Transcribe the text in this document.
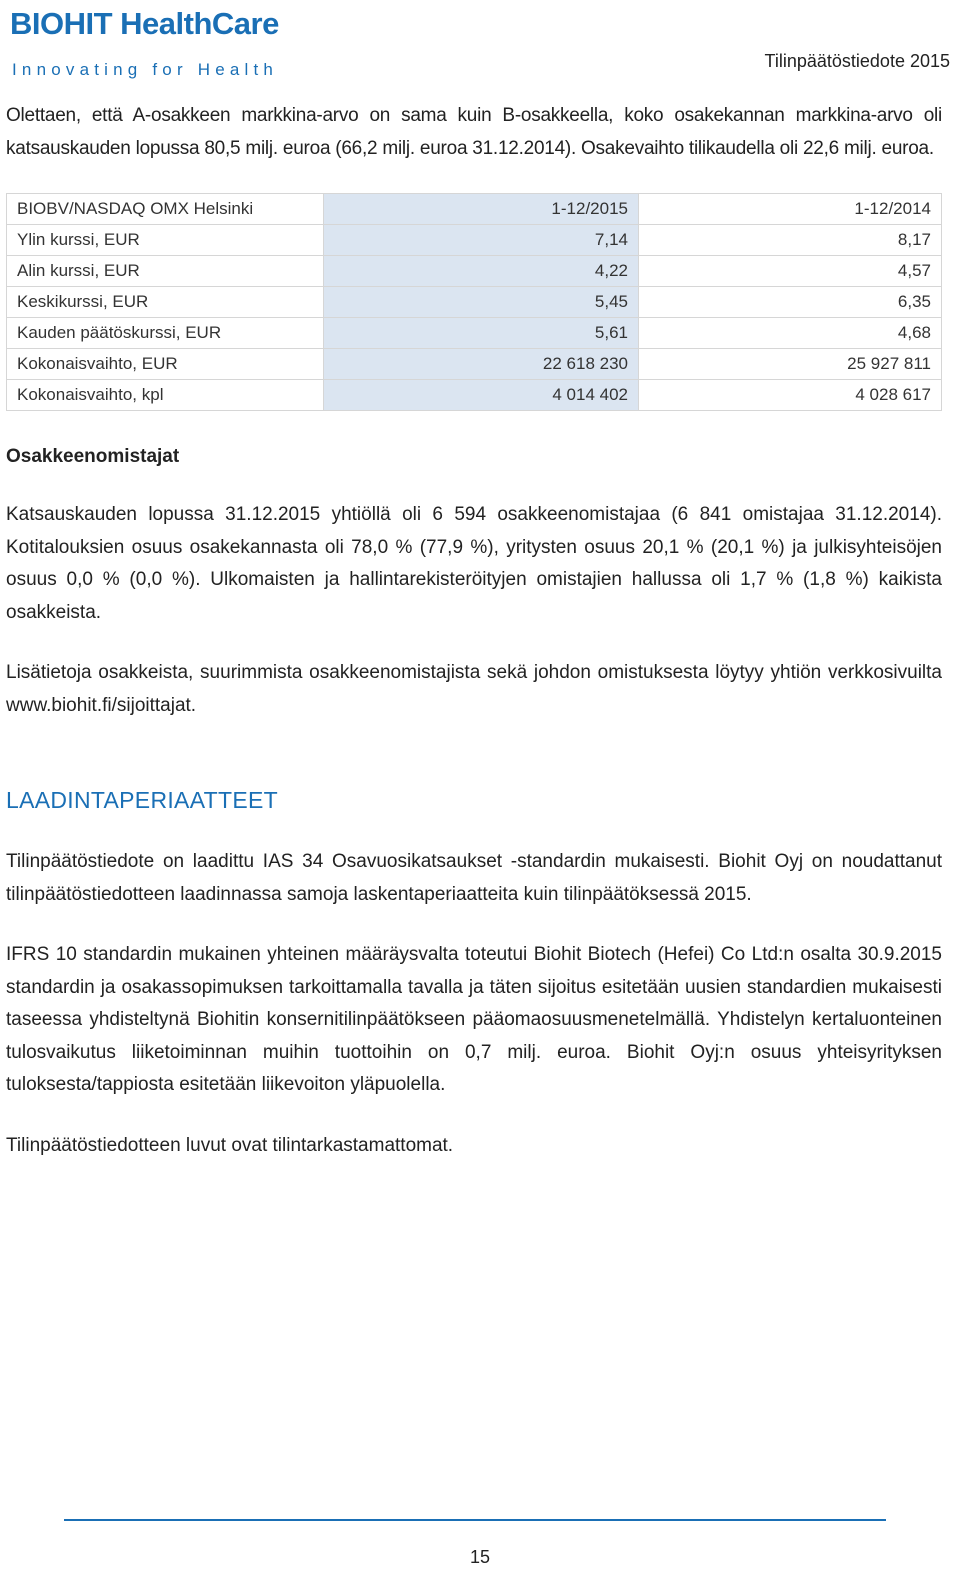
BIOHIT HealthCare
Innovating for Health	Tilinpäätöstiedote 2015

Olettaen, että A-osakkeen markkina-arvo on sama kuin B-osakkeella, koko osakekannan markkina-arvo oli katsauskauden lopussa 80,5 milj. euroa (66,2 milj. euroa 31.12.2014). Osakevaihto tilikaudella oli 22,6 milj. euroa.

BIOBV/NASDAQ OMX Helsinki	1-12/2015	1-12/2014
Ylin kurssi, EUR	7,14	8,17
Alin kurssi, EUR	4,22	4,57
Keskikurssi, EUR	5,45	6,35
Kauden päätöskurssi, EUR	5,61	4,68
Kokonaisvaihto, EUR	22 618 230	25 927 811
Kokonaisvaihto, kpl	4 014 402	4 028 617
Osakkeenomistajat

Katsauskauden lopussa 31.12.2015 yhtiöllä oli 6 594 osakkeenomistajaa (6 841 omistajaa 31.12.2014). Kotitalouksien osuus osakekannasta oli 78,0 % (77,9 %), yritysten osuus 20,1 % (20,1 %) ja julkisyhteisöjen osuus 0,0 % (0,0 %). Ulkomaisten ja hallintarekisteröityjen omistajien hallussa oli 1,7 % (1,8 %) kaikista osakkeista.

Lisätietoja osakkeista, suurimmista osakkeenomistajista sekä johdon omistuksesta löytyy yhtiön verkkosivuilta www.biohit.fi/sijoittajat.

LAADINTAPERIAATTEET

Tilinpäätöstiedote on laadittu IAS 34 Osavuosikatsaukset -standardin mukaisesti. Biohit Oyj on noudattanut tilinpäätöstiedotteen laadinnassa samoja laskentaperiaatteita kuin tilinpäätöksessä 2015.

IFRS 10 standardin mukainen yhteinen määräysvalta toteutui Biohit Biotech (Hefei) Co Ltd:n osalta 30.9.2015 standardin ja osakassopimuksen tarkoittamalla tavalla ja täten sijoitus esitetään uusien standardien mukaisesti taseessa yhdisteltynä Biohitin konsernitilinpäätökseen pääomaosuusmenetelmällä. Yhdistelyn kertaluonteinen tulosvaikutus liiketoiminnan muihin tuottoihin on 0,7 milj. euroa. Biohit Oyj:n osuus yhteisyrityksen tuloksesta/tappiosta esitetään liikevoiton yläpuolella.

Tilinpäätöstiedotteen luvut ovat tilintarkastamattomat.

15
